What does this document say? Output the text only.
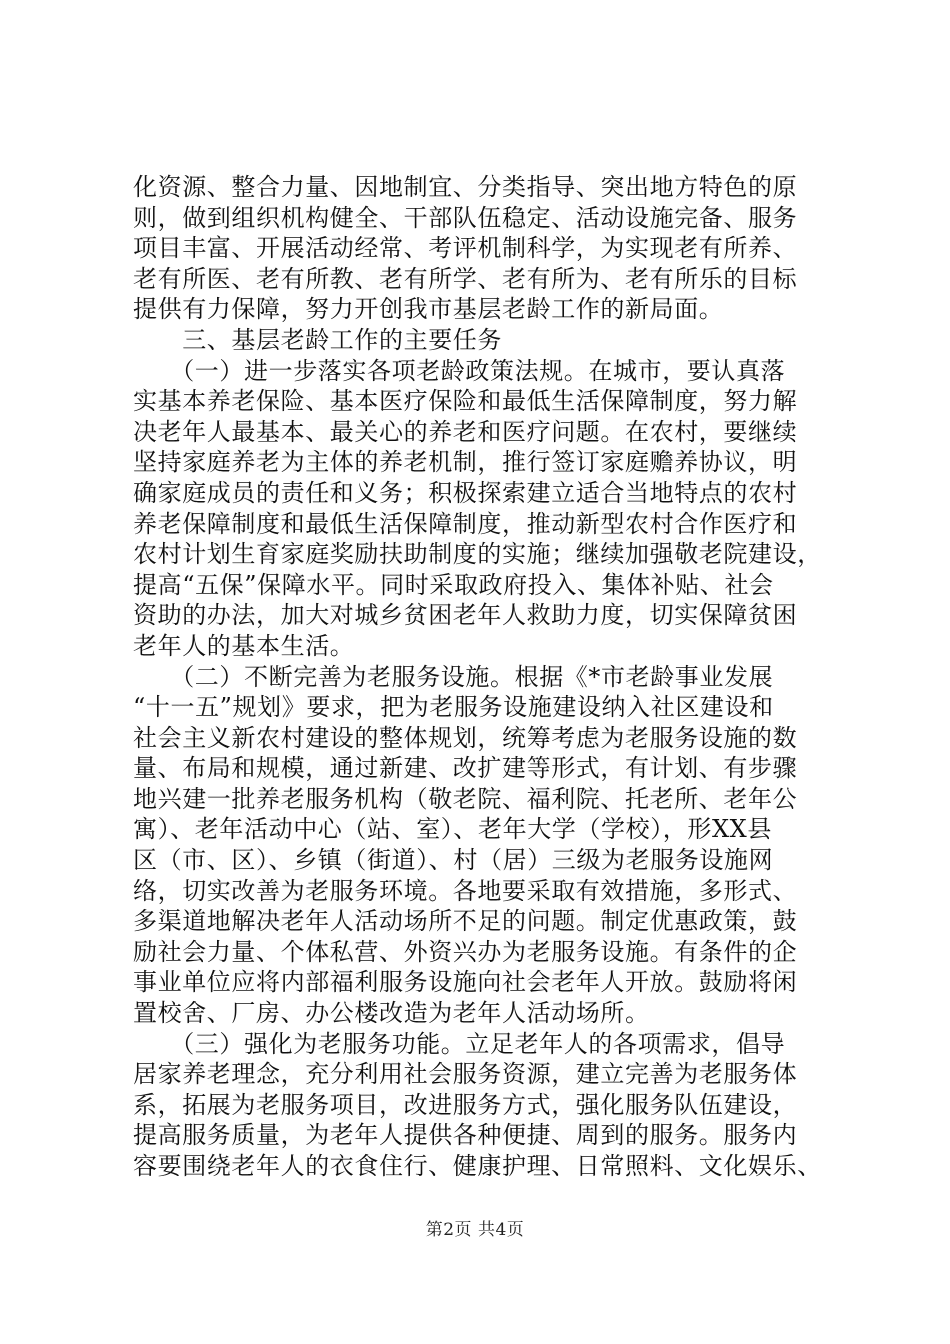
化资源、整合力量、因地制宜、分类指导、突出地方特色的原
则，做到组织机构健全、干部队伍稳定、活动设施完备、服务
项目丰富、开展活动经常、考评机制科学，为实现老有所养、
老有所医、老有所教、老有所学、老有所为、老有所乐的目标
提供有力保障，努力开创我市基层老龄工作的新局面。
　　三、基层老龄工作的主要任务
　　（一）进一步落实各项老龄政策法规。在城市，要认真落
实基本养老保险、基本医疗保险和最低生活保障制度，努力解
决老年人最基本、最关心的养老和医疗问题。在农村，要继续
坚持家庭养老为主体的养老机制，推行签订家庭赡养协议，明
确家庭成员的责任和义务；积极探索建立适合当地特点的农村
养老保障制度和最低生活保障制度，推动新型农村合作医疗和
农村计划生育家庭奖励扶助制度的实施；继续加强敬老院建设，
提高“五保”保障水平。同时采取政府投入、集体补贴、社会
资助的办法，加大对城乡贫困老年人救助力度，切实保障贫困
老年人的基本生活。
　　（二）不断完善为老服务设施。根据《*市老龄事业发展
“十一五”规划》要求，把为老服务设施建设纳入社区建设和
社会主义新农村建设的整体规划，统筹考虑为老服务设施的数
量、布局和规模，通过新建、改扩建等形式，有计划、有步骤
地兴建一批养老服务机构（敬老院、福利院、托老所、老年公
寓）、老年活动中心（站、室）、老年大学（学校），形XX县
区（市、区）、乡镇（街道）、村（居）三级为老服务设施网
络，切实改善为老服务环境。各地要采取有效措施，多形式、
多渠道地解决老年人活动场所不足的问题。制定优惠政策，鼓
励社会力量、个体私营、外资兴办为老服务设施。有条件的企
事业单位应将内部福利服务设施向社会老年人开放。鼓励将闲
置校舍、厂房、办公楼改造为老年人活动场所。
　　（三）强化为老服务功能。立足老年人的各项需求，倡导
居家养老理念，充分利用社会服务资源，建立完善为老服务体
系，拓展为老服务项目，改进服务方式，强化服务队伍建设，
提高服务质量，为老年人提供各种便捷、周到的服务。服务内
容要围绕老年人的衣食住行、健康护理、日常照料、文化娱乐、
第2页 共4页
